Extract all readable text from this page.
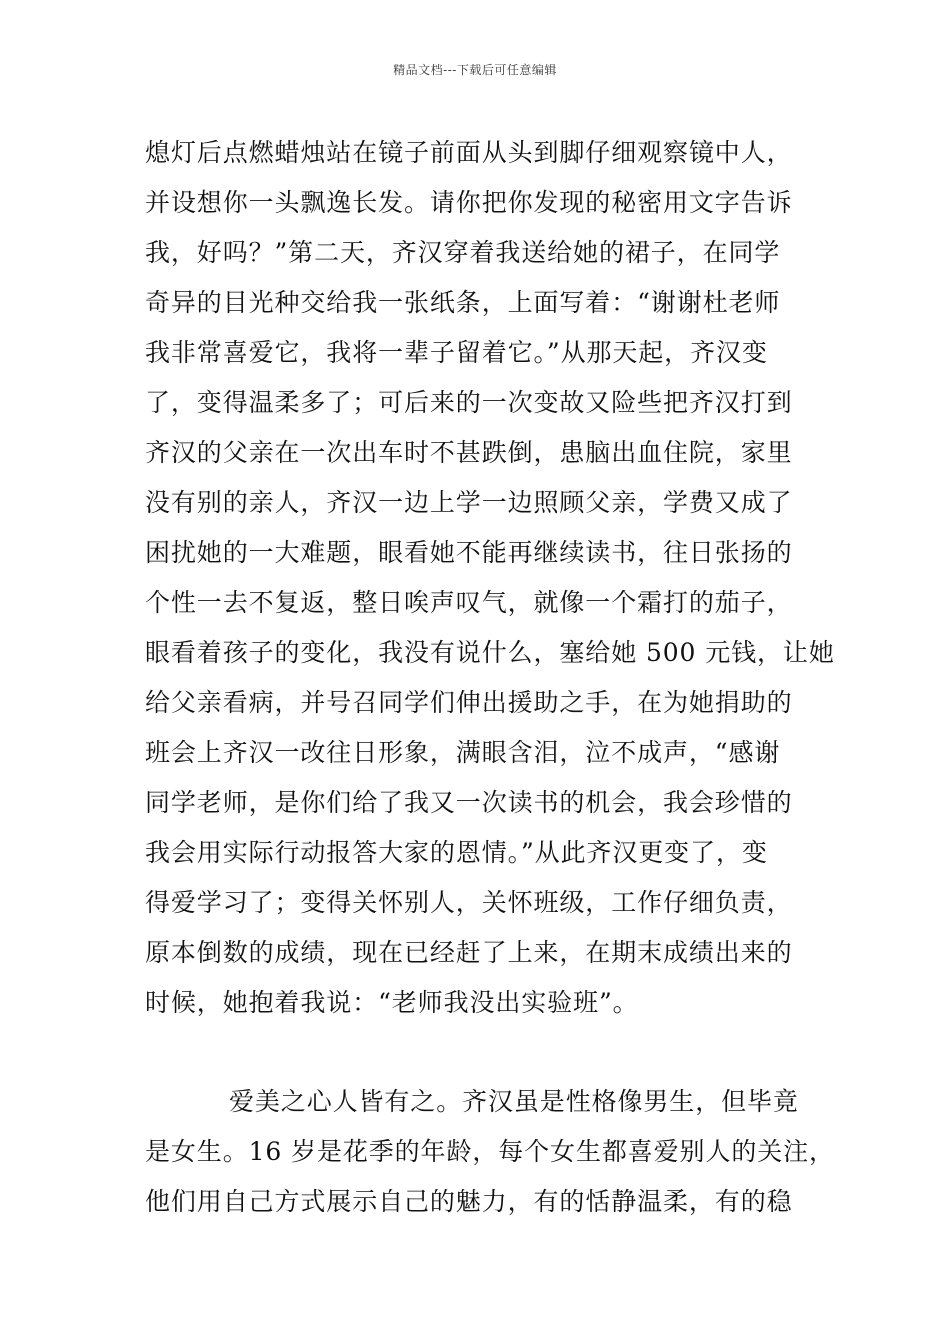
精品文档---下载后可任意编辑
熄灯后点燃蜡烛站在镜子前面从头到脚仔细观察镜中人，
并设想你一头飘逸长发。请你把你发现的秘密用文字告诉
我，好吗？”第二天，齐汉穿着我送给她的裙子，在同学
奇异的目光种交给我一张纸条，上面写着：“谢谢杜老师
我非常喜爱它，我将一辈子留着它。”从那天起，齐汉变
了，变得温柔多了；可后来的一次变故又险些把齐汉打到
齐汉的父亲在一次出车时不甚跌倒，患脑出血住院，家里
没有别的亲人，齐汉一边上学一边照顾父亲，学费又成了
困扰她的一大难题，眼看她不能再继续读书，往日张扬的
个性一去不复返，整日唉声叹气，就像一个霜打的茄子，
眼看着孩子的变化，我没有说什么，塞给她 500 元钱，让她
给父亲看病，并号召同学们伸出援助之手，在为她捐助的
班会上齐汉一改往日形象，满眼含泪，泣不成声，“感谢
同学老师，是你们给了我又一次读书的机会，我会珍惜的
我会用实际行动报答大家的恩情。”从此齐汉更变了，变
得爱学习了；变得关怀别人，关怀班级，工作仔细负责，
原本倒数的成绩，现在已经赶了上来，在期末成绩出来的
时候，她抱着我说：“老师我没出实验班”。
爱美之心人皆有之。齐汉虽是性格像男生，但毕竟
是女生。16 岁是花季的年龄，每个女生都喜爱别人的关注，
他们用自己方式展示自己的魅力，有的恬静温柔，有的稳
